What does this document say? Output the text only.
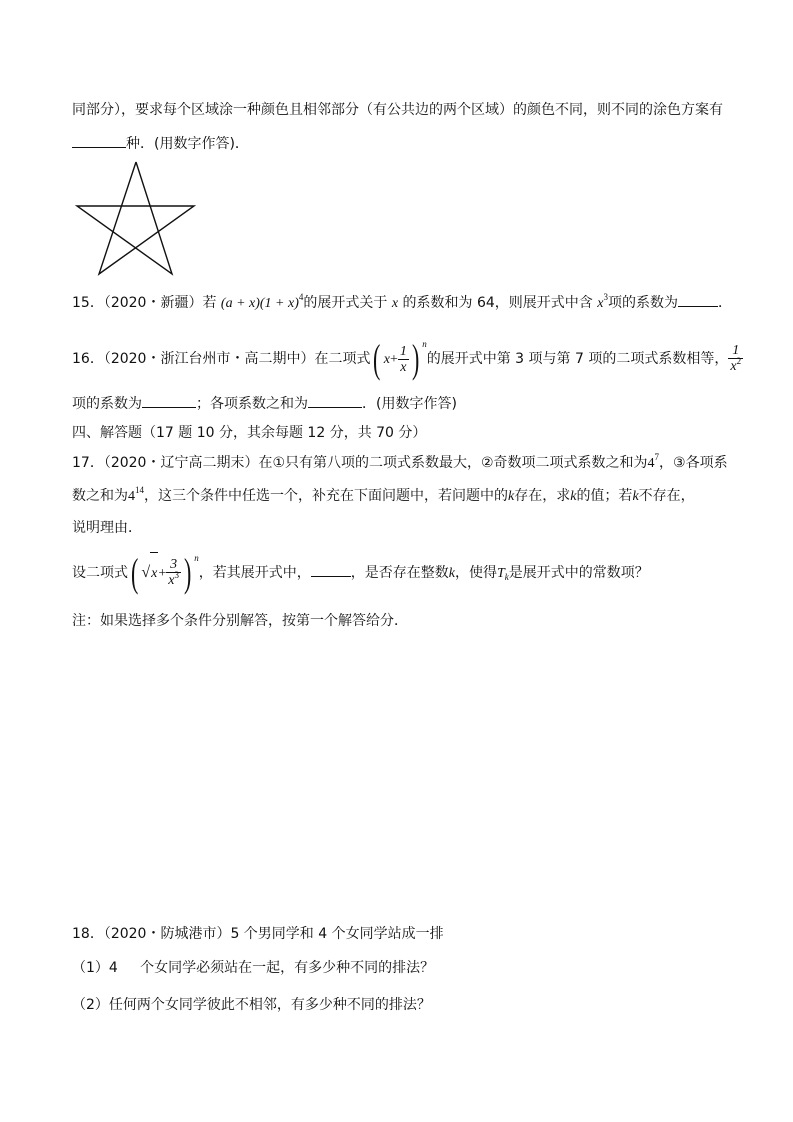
同部分），要求每个区域涂一种颜色且相邻部分（有公共边的两个区域）的颜色不同，则不同的涂色方案有
种．(用数字作答)．
15．（2020・新疆）若 $(a + x)(1 + x)^4$的展开式关于 x 的系数和为 64，则展开式中含 $x^3$项的系数为	．
16．（2020・浙江台州市・高二期中）在二项式( $x+ \frac{1}{x}$ ) $^n$的展开式中第 3 项与第 7 项的二项式系数相等， $\frac{1}{x^2}$
项的系数为	；各项系数之和为	．(用数字作答)
四、解答题（17 题 10 分，其余每题 12 分，共 70 分）
17．（2020・辽宁高二期末）在①只有第八项的二项式系数最大，②奇数项二项式系数之和为$4^7$，③各项系
数之和为$4^{14}$，这三个条件中任选一个，补充在下面问题中，若问题中的k存在，求k的值；若k不存在，
说明理由．
设二项式( $√x+ \frac{3}{x^3}$ ) $^n$，若其展开式中，	，是否存在整数k，使得$T_k$是展开式中的常数项？
注：如果选择多个条件分别解答，按第一个解答给分．
18．（2020・防城港市）5 个男同学和 4 个女同学站成一排
（1）4 个女同学必须站在一起，有多少种不同的排法？
（2）任何两个女同学彼此不相邻，有多少种不同的排法？
